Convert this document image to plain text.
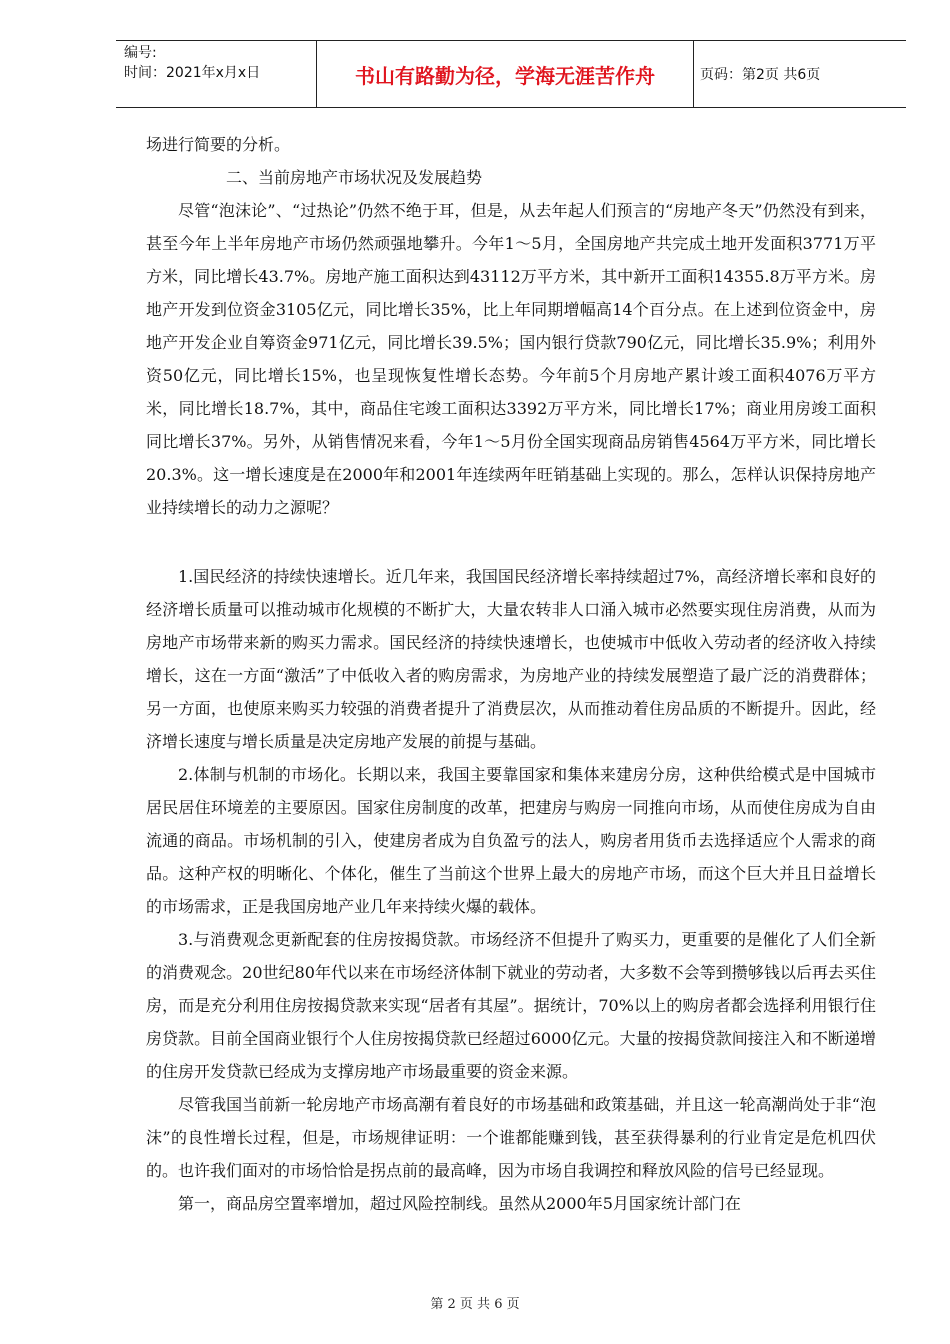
编号:
时间：2021年x月x日	书山有路勤为径，学海无涯苦作舟	页码：第2页 共6页

场进行简要的分析。

二、当前房地产市场状况及发展趋势

尽管“泡沫论”、“过热论”仍然不绝于耳，但是，从去年起人们预言的“房地产冬天”仍然没有到来，甚至今年上半年房地产市场仍然顽强地攀升。今年1～5月，全国房地产共完成土地开发面积3771万平方米，同比增长43.7%。房地产施工面积达到43112万平方米，其中新开工面积14355.8万平方米。房地产开发到位资金3105亿元，同比增长35%，比上年同期增幅高14个百分点。在上述到位资金中，房地产开发企业自筹资金971亿元，同比增长39.5%；国内银行贷款790亿元，同比增长35.9%；利用外资50亿元，同比增长15%，也呈现恢复性增长态势。今年前5个月房地产累计竣工面积4076万平方米，同比增长18.7%，其中，商品住宅竣工面积达3392万平方米，同比增长17%；商业用房竣工面积同比增长37%。另外，从销售情况来看，今年1～5月份全国实现商品房销售4564万平方米，同比增长20.3%。这一增长速度是在2000年和2001年连续两年旺销基础上实现的。那么，怎样认识保持房地产业持续增长的动力之源呢？

1.国民经济的持续快速增长。近几年来，我国国民经济增长率持续超过7%，高经济增长率和良好的经济增长质量可以推动城市化规模的不断扩大，大量农转非人口涌入城市必然要实现住房消费，从而为房地产市场带来新的购买力需求。国民经济的持续快速增长，也使城市中低收入劳动者的经济收入持续增长，这在一方面“激活”了中低收入者的购房需求，为房地产业的持续发展塑造了最广泛的消费群体；另一方面，也使原来购买力较强的消费者提升了消费层次，从而推动着住房品质的不断提升。因此，经济增长速度与增长质量是决定房地产发展的前提与基础。

2.体制与机制的市场化。长期以来，我国主要靠国家和集体来建房分房，这种供给模式是中国城市居民居住环境差的主要原因。国家住房制度的改革，把建房与购房一同推向市场，从而使住房成为自由流通的商品。市场机制的引入，使建房者成为自负盈亏的法人，购房者用货币去选择适应个人需求的商品。这种产权的明晰化、个体化，催生了当前这个世界上最大的房地产市场，而这个巨大并且日益增长的市场需求，正是我国房地产业几年来持续火爆的载体。

3.与消费观念更新配套的住房按揭贷款。市场经济不但提升了购买力，更重要的是催化了人们全新的消费观念。20世纪80年代以来在市场经济体制下就业的劳动者，大多数不会等到攒够钱以后再去买住房，而是充分利用住房按揭贷款来实现“居者有其屋”。据统计，70%以上的购房者都会选择利用银行住房贷款。目前全国商业银行个人住房按揭贷款已经超过6000亿元。大量的按揭贷款间接注入和不断递增的住房开发贷款已经成为支撑房地产市场最重要的资金来源。

尽管我国当前新一轮房地产市场高潮有着良好的市场基础和政策基础，并且这一轮高潮尚处于非“泡沫”的良性增长过程，但是，市场规律证明：一个谁都能赚到钱，甚至获得暴利的行业肯定是危机四伏的。也许我们面对的市场恰恰是拐点前的最高峰，因为市场自我调控和释放风险的信号已经显现。

第一，商品房空置率增加，超过风险控制线。虽然从2000年5月国家统计部门在

第 2 页 共 6 页
